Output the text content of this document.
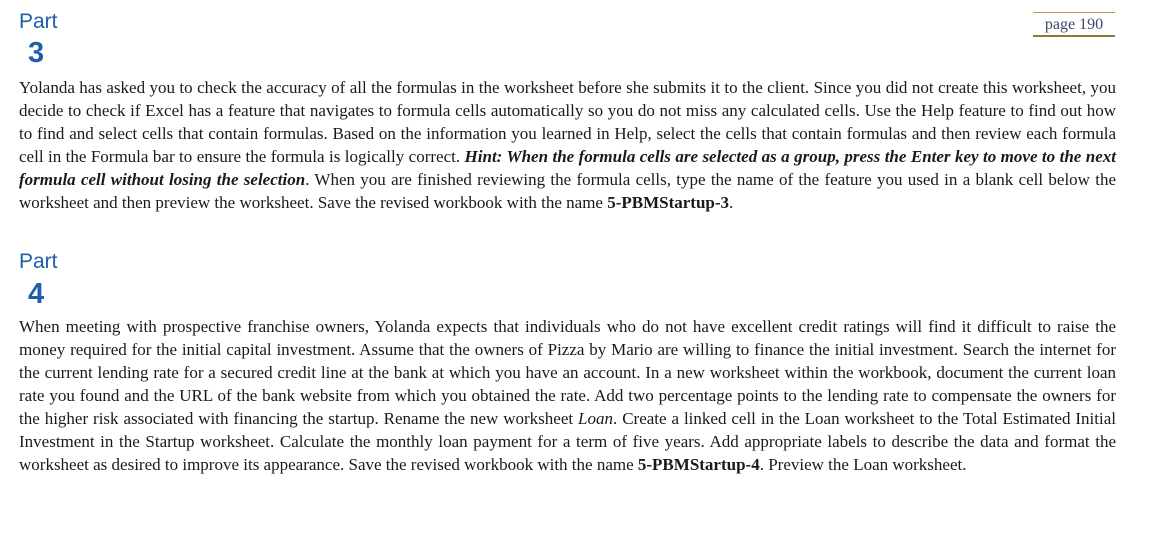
page 190
Part
3

Yolanda has asked you to check the accuracy of all the formulas in the worksheet before she submits it to the client. Since you did not create this worksheet, you decide to check if Excel has a feature that navigates to formula cells automatically so you do not miss any calculated cells. Use the Help feature to find out how to find and select cells that contain formulas. Based on the information you learned in Help, select the cells that contain formulas and then review each formula cell in the Formula bar to ensure the formula is logically correct. Hint: When the formula cells are selected as a group, press the Enter key to move to the next formula cell without losing the selection. When you are finished reviewing the formula cells, type the name of the feature you used in a blank cell below the worksheet and then preview the worksheet. Save the revised workbook with the name 5-PBMStartup-3.

Part
4

When meeting with prospective franchise owners, Yolanda expects that individuals who do not have excellent credit ratings will find it difficult to raise the money required for the initial capital investment. Assume that the owners of Pizza by Mario are willing to finance the initial investment. Search the internet for the current lending rate for a secured credit line at the bank at which you have an account. In a new worksheet within the workbook, document the current loan rate you found and the URL of the bank website from which you obtained the rate. Add two percentage points to the lending rate to compensate the owners for the higher risk associated with financing the startup. Rename the new worksheet Loan. Create a linked cell in the Loan worksheet to the Total Estimated Initial Investment in the Startup worksheet. Calculate the monthly loan payment for a term of five years. Add appropriate labels to describe the data and format the worksheet as desired to improve its appearance. Save the revised workbook with the name 5-PBMStartup-4. Preview the Loan worksheet.
